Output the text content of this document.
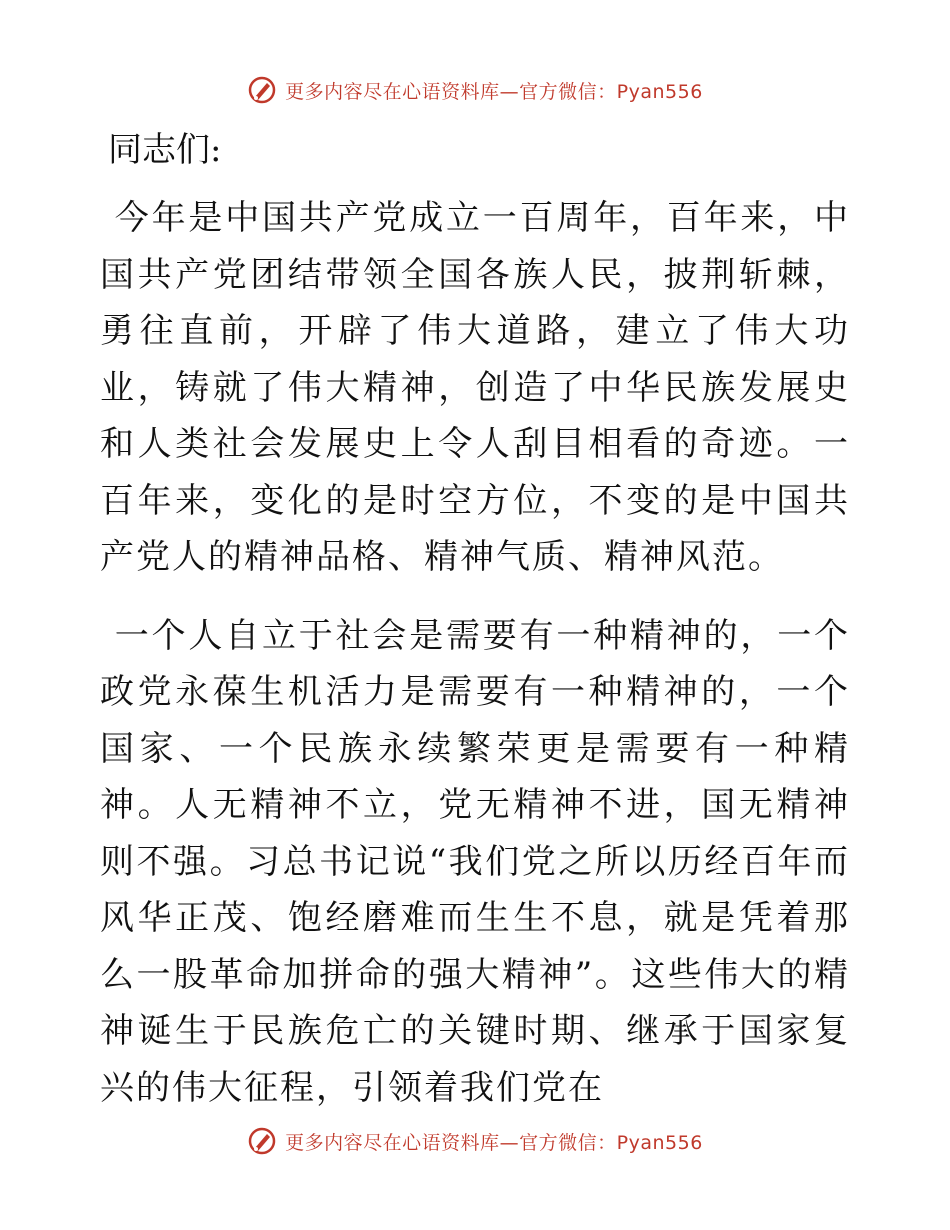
更多内容尽在心语资料库—官方微信：Pyan556
同志们:

今年是中国共产党成立一百周年，百年来，中国共产党团结带领全国各族人民，披荆斩棘，勇往直前，开辟了伟大道路，建立了伟大功业，铸就了伟大精神，创造了中华民族发展史和人类社会发展史上令人刮目相看的奇迹。一百年来，变化的是时空方位，不变的是中国共产党人的精神品格、精神气质、精神风范。

一个人自立于社会是需要有一种精神的，一个政党永葆生机活力是需要有一种精神的，一个国家、一个民族永续繁荣更是需要有一种精神。人无精神不立，党无精神不进，国无精神则不强。习总书记说“我们党之所以历经百年而风华正茂、饱经磨难而生生不息，就是凭着那么一股革命加拼命的强大精神”。这些伟大的精神诞生于民族危亡的关键时期、继承于国家复兴的伟大征程，引领着我们党在

更多内容尽在心语资料库—官方微信：Pyan556
